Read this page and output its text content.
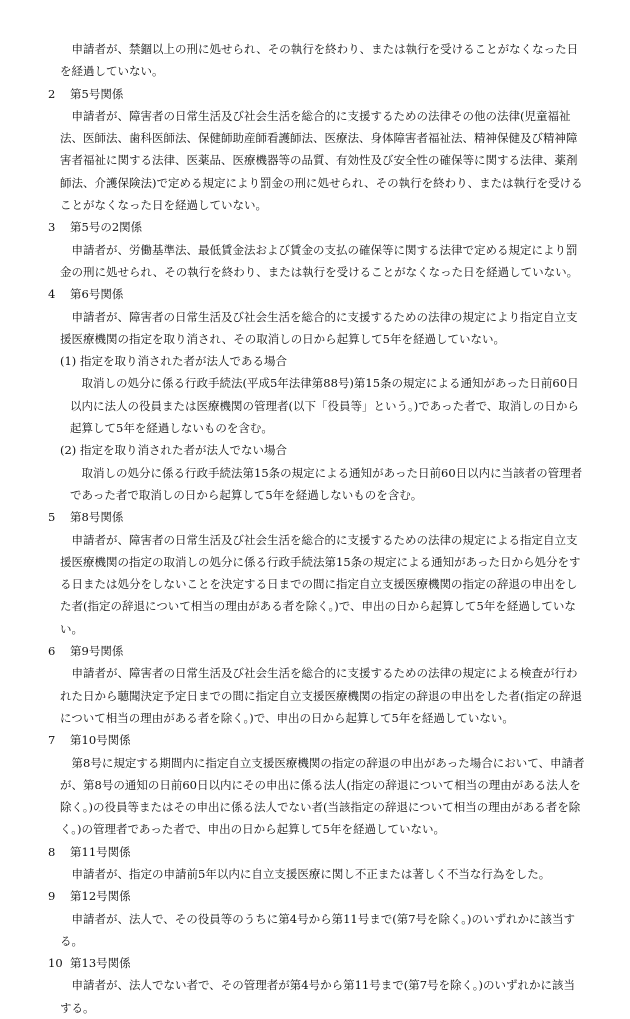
申請者が、禁錮以上の刑に処せられ、その執行を終わり、または執行を受けることがなくなった日を経過していない。

2 第5号関係

申請者が、障害者の日常生活及び社会生活を総合的に支援するための法律その他の法律(児童福祉法、医師法、歯科医師法、保健師助産師看護師法、医療法、身体障害者福祉法、精神保健及び精神障害者福祉に関する法律、医薬品、医療機器等の品質、有効性及び安全性の確保等に関する法律、薬剤師法、介護保険法)で定める規定により罰金の刑に処せられ、その執行を終わり、または執行を受けることがなくなった日を経過していない。

3 第5号の2関係

申請者が、労働基準法、最低賃金法および賃金の支払の確保等に関する法律で定める規定により罰金の刑に処せられ、その執行を終わり、または執行を受けることがなくなった日を経過していない。

4 第6号関係

申請者が、障害者の日常生活及び社会生活を総合的に支援するための法律の規定により指定自立支援医療機関の指定を取り消され、その取消しの日から起算して5年を経過していない。

(1) 指定を取り消された者が法人である場合

取消しの処分に係る行政手続法(平成5年法律第88号)第15条の規定による通知があった日前60日以内に法人の役員または医療機関の管理者(以下「役員等」という。)であった者で、取消しの日から起算して5年を経過しないものを含む。

(2) 指定を取り消された者が法人でない場合

取消しの処分に係る行政手続法第15条の規定による通知があった日前60日以内に当該者の管理者であった者で取消しの日から起算して5年を経過しないものを含む。

5 第8号関係

申請者が、障害者の日常生活及び社会生活を総合的に支援するための法律の規定による指定自立支援医療機関の指定の取消しの処分に係る行政手続法第15条の規定による通知があった日から処分をする日または処分をしないことを決定する日までの間に指定自立支援医療機関の指定の辞退の申出をした者(指定の辞退について相当の理由がある者を除く。)で、申出の日から起算して5年を経過していない。

6 第9号関係

申請者が、障害者の日常生活及び社会生活を総合的に支援するための法律の規定による検査が行われた日から聴聞決定予定日までの間に指定自立支援医療機関の指定の辞退の申出をした者(指定の辞退について相当の理由がある者を除く。)で、申出の日から起算して5年を経過していない。

7 第10号関係

第8号に規定する期間内に指定自立支援医療機関の指定の辞退の申出があった場合において、申請者が、第8号の通知の日前60日以内にその申出に係る法人(指定の辞退について相当の理由がある法人を除く。)の役員等またはその申出に係る法人でない者(当該指定の辞退について相当の理由がある者を除く。)の管理者であった者で、申出の日から起算して5年を経過していない。

8 第11号関係

申請者が、指定の申請前5年以内に自立支援医療に関し不正または著しく不当な行為をした。

9 第12号関係

申請者が、法人で、その役員等のうちに第4号から第11号まで(第7号を除く。)のいずれかに該当する。

10 第13号関係

申請者が、法人でない者で、その管理者が第4号から第11号まで(第7号を除く。)のいずれかに該当する。
